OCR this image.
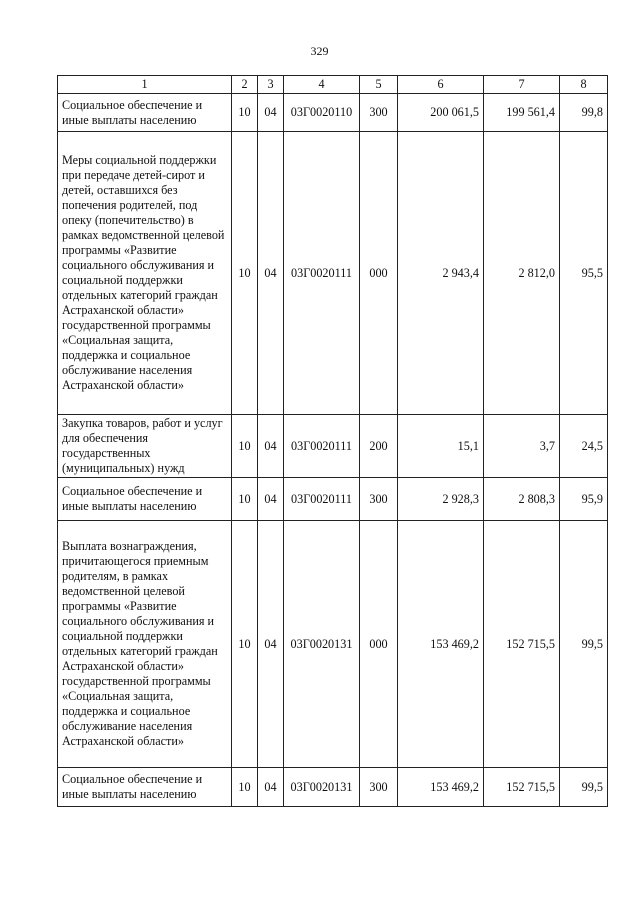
329
1	2	3	4	5	6	7	8
Социальное обеспечение и иные выплаты населению	10	04	03Г0020110	300	200 061,5	199 561,4	99,8
Меры социальной поддержки при передаче детей-сирот и детей, оставшихся без попечения родителей, под опеку (попечительство) в рамках ведомственной целевой программы «Развитие социального обслуживания и социальной поддержки отдельных категорий граждан Астраханской области» государственной программы «Социальная защита, поддержка и социальное обслуживание населения Астраханской области»	10	04	03Г0020111	000	2 943,4	2 812,0	95,5
Закупка товаров, работ и услуг для обеспечения государственных (муниципальных) нужд	10	04	03Г0020111	200	15,1	3,7	24,5
Социальное обеспечение и иные выплаты населению	10	04	03Г0020111	300	2 928,3	2 808,3	95,9
Выплата вознаграждения, причитающегося приемным родителям, в рамках ведомственной целевой программы «Развитие социального обслуживания и социальной поддержки отдельных категорий граждан Астраханской области» государственной программы «Социальная защита, поддержка и социальное обслуживание населения Астраханской области»	10	04	03Г0020131	000	153 469,2	152 715,5	99,5
Социальное обеспечение и иные выплаты населению	10	04	03Г0020131	300	153 469,2	152 715,5	99,5
